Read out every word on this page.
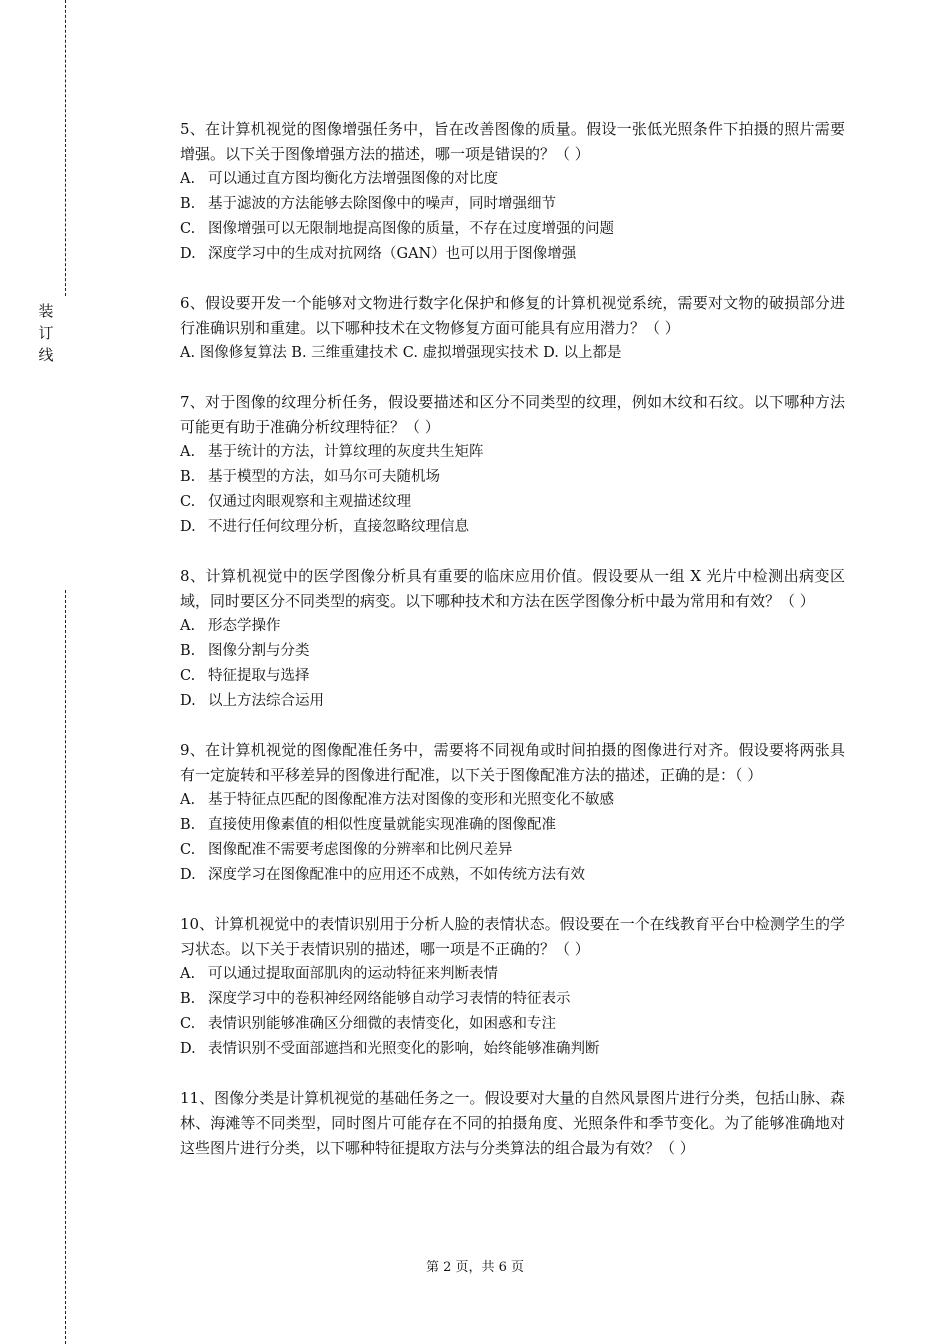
装
订
线

5、在计算机视觉的图像增强任务中，旨在改善图像的质量。假设一张低光照条件下拍摄的照片需要增强。以下关于图像增强方法的描述，哪一项是错误的？（ ）

A. 可以通过直方图均衡化方法增强图像的对比度
B. 基于滤波的方法能够去除图像中的噪声，同时增强细节
C. 图像增强可以无限制地提高图像的质量，不存在过度增强的问题
D. 深度学习中的生成对抗网络（GAN）也可以用于图像增强

6、假设要开发一个能够对文物进行数字化保护和修复的计算机视觉系统，需要对文物的破损部分进行准确识别和重建。以下哪种技术在文物修复方面可能具有应用潜力？（ ）

A. 图像修复算法 B. 三维重建技术 C. 虚拟增强现实技术 D. 以上都是

7、对于图像的纹理分析任务，假设要描述和区分不同类型的纹理，例如木纹和石纹。以下哪种方法可能更有助于准确分析纹理特征？（ ）

A. 基于统计的方法，计算纹理的灰度共生矩阵
B. 基于模型的方法，如马尔可夫随机场
C. 仅通过肉眼观察和主观描述纹理
D. 不进行任何纹理分析，直接忽略纹理信息

8、计算机视觉中的医学图像分析具有重要的临床应用价值。假设要从一组 X 光片中检测出病变区域，同时要区分不同类型的病变。以下哪种技术和方法在医学图像分析中最为常用和有效？（ ）

A. 形态学操作
B. 图像分割与分类
C. 特征提取与选择
D. 以上方法综合运用

9、在计算机视觉的图像配准任务中，需要将不同视角或时间拍摄的图像进行对齐。假设要将两张具有一定旋转和平移差异的图像进行配准，以下关于图像配准方法的描述，正确的是：（ ）

A. 基于特征点匹配的图像配准方法对图像的变形和光照变化不敏感
B. 直接使用像素值的相似性度量就能实现准确的图像配准
C. 图像配准不需要考虑图像的分辨率和比例尺差异
D. 深度学习在图像配准中的应用还不成熟，不如传统方法有效

10、计算机视觉中的表情识别用于分析人脸的表情状态。假设要在一个在线教育平台中检测学生的学习状态。以下关于表情识别的描述，哪一项是不正确的？（ ）

A. 可以通过提取面部肌肉的运动特征来判断表情
B. 深度学习中的卷积神经网络能够自动学习表情的特征表示
C. 表情识别能够准确区分细微的表情变化，如困惑和专注
D. 表情识别不受面部遮挡和光照变化的影响，始终能够准确判断

11、图像分类是计算机视觉的基础任务之一。假设要对大量的自然风景图片进行分类，包括山脉、森林、海滩等不同类型，同时图片可能存在不同的拍摄角度、光照条件和季节变化。为了能够准确地对这些图片进行分类，以下哪种特征提取方法与分类算法的组合最为有效？（ ）

第 2 页，共 6 页
